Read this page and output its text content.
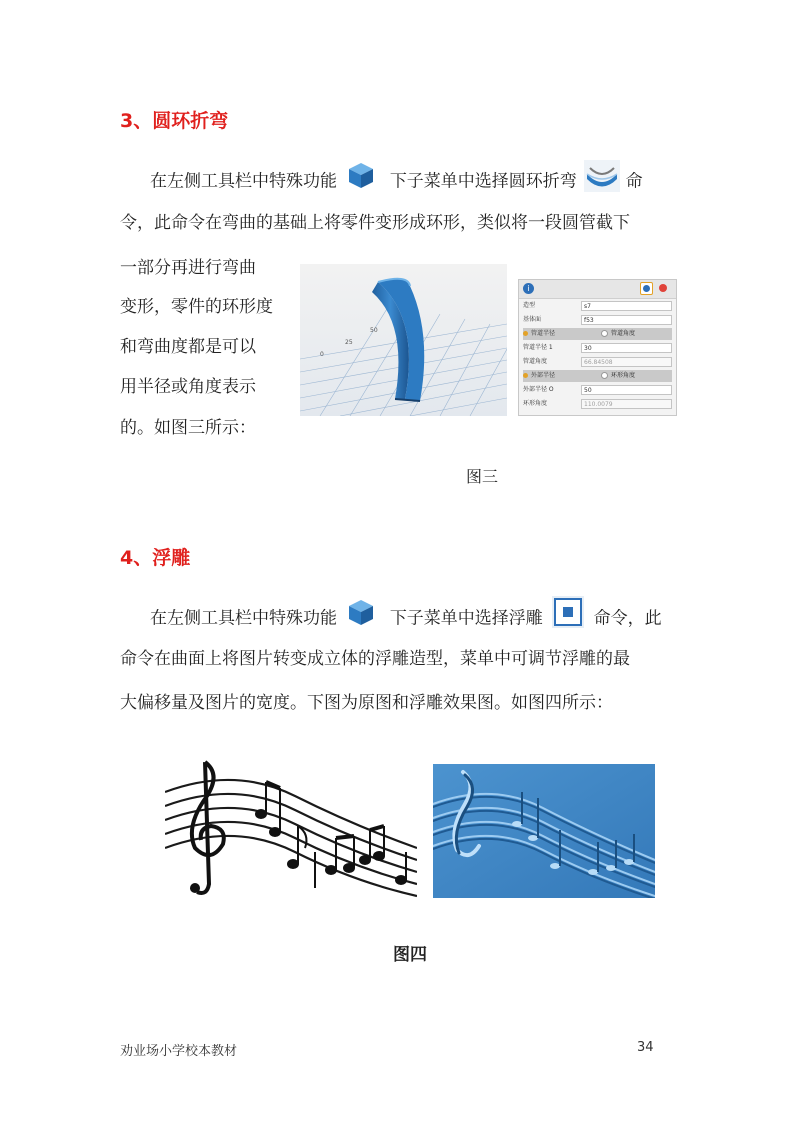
3、圆环折弯
在左侧工具栏中特殊功能	下子菜单中选择圆环折弯	命
令，此命令在弯曲的基础上将零件变形成环形，类似将一段圆管截下
一部分再进行弯曲
变形，零件的环形度
和弯曲度都是可以
用半径或角度表示
的。如图三所示：
0
25
50
i
造型	s7
基体面	f53
管道半径	管道角度
管道半径 1	30
管道角度	66.84508
外部半径	环形角度
外部半径 O	50
环形角度	110.0079
图三
4、浮雕
在左侧工具栏中特殊功能	下子菜单中选择浮雕	命令，此
命令在曲面上将图片转变成立体的浮雕造型，菜单中可调节浮雕的最
大偏移量及图片的宽度。下图为原图和浮雕效果图。如图四所示：
图四
劝业场小学校本教材	34
